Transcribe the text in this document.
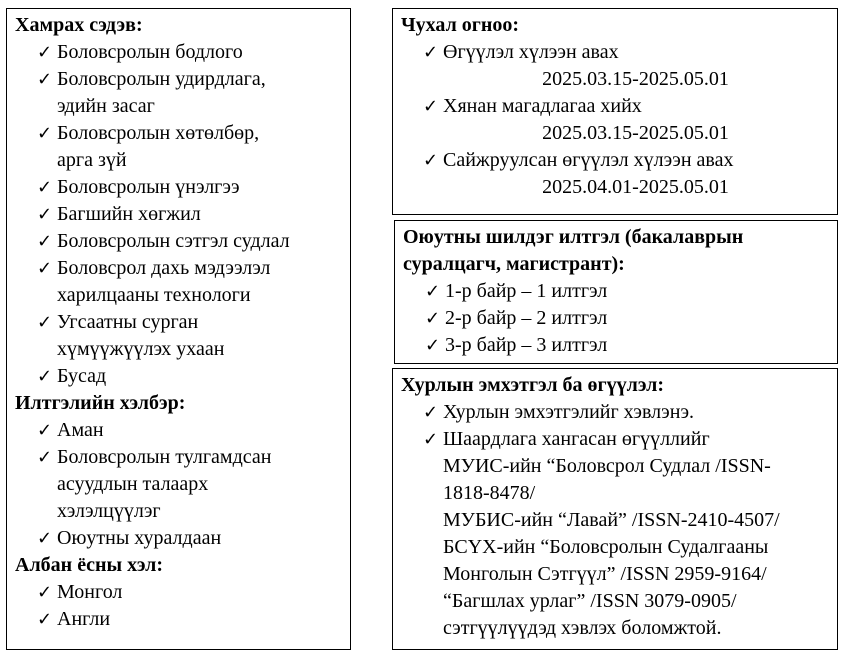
Хамрах сэдэв:

✓ Боловсролын бодлого
✓ Боловсролын удирдлага,
эдийн засаг
✓ Боловсролын хөтөлбөр,
арга зүй
✓ Боловсролын үнэлгээ
✓ Багшийн хөгжил
✓ Боловсролын сэтгэл судлал
✓ Боловсрол дахь мэдээлэл
харилцааны технологи
✓ Угсаатны сурган
хүмүүжүүлэх ухаан
✓ Бусад

Илтгэлийн хэлбэр:

✓ Аман
✓ Боловсролын тулгамдсан
асуудлын талаарх
хэлэлцүүлэг
✓ Оюутны хуралдаан

Албан ёсны хэл:

✓ Монгол
✓ Англи

Чухал огноо:

✓ Өгүүлэл хүлээн авах
2025.03.15-2025.05.01
✓ Хянан магадлагаа хийх
2025.03.15-2025.05.01
✓ Сайжруулсан өгүүлэл хүлээн авах
2025.04.01-2025.05.01

Оюутны шилдэг илтгэл (бакалаврын
суралцагч, магистрант):

✓ 1-р байр – 1 илтгэл
✓ 2-р байр – 2 илтгэл
✓ 3-р байр – 3 илтгэл

Хурлын эмхэтгэл ба өгүүлэл:

✓ Хурлын эмхэтгэлийг хэвлэнэ.
✓ Шаардлага хангасан өгүүллийг
МУИС-ийн “Боловсрол Судлал /ISSN-
1818-8478/
МУБИС-ийн “Лавай” /ISSN-2410-4507/
БСҮХ-ийн “Боловсролын Судалгааны
Монголын Сэтгүүл” /ISSN 2959-9164/
“Багшлах урлаг” /ISSN 3079-0905/
сэтгүүлүүдэд хэвлэх боломжтой.
